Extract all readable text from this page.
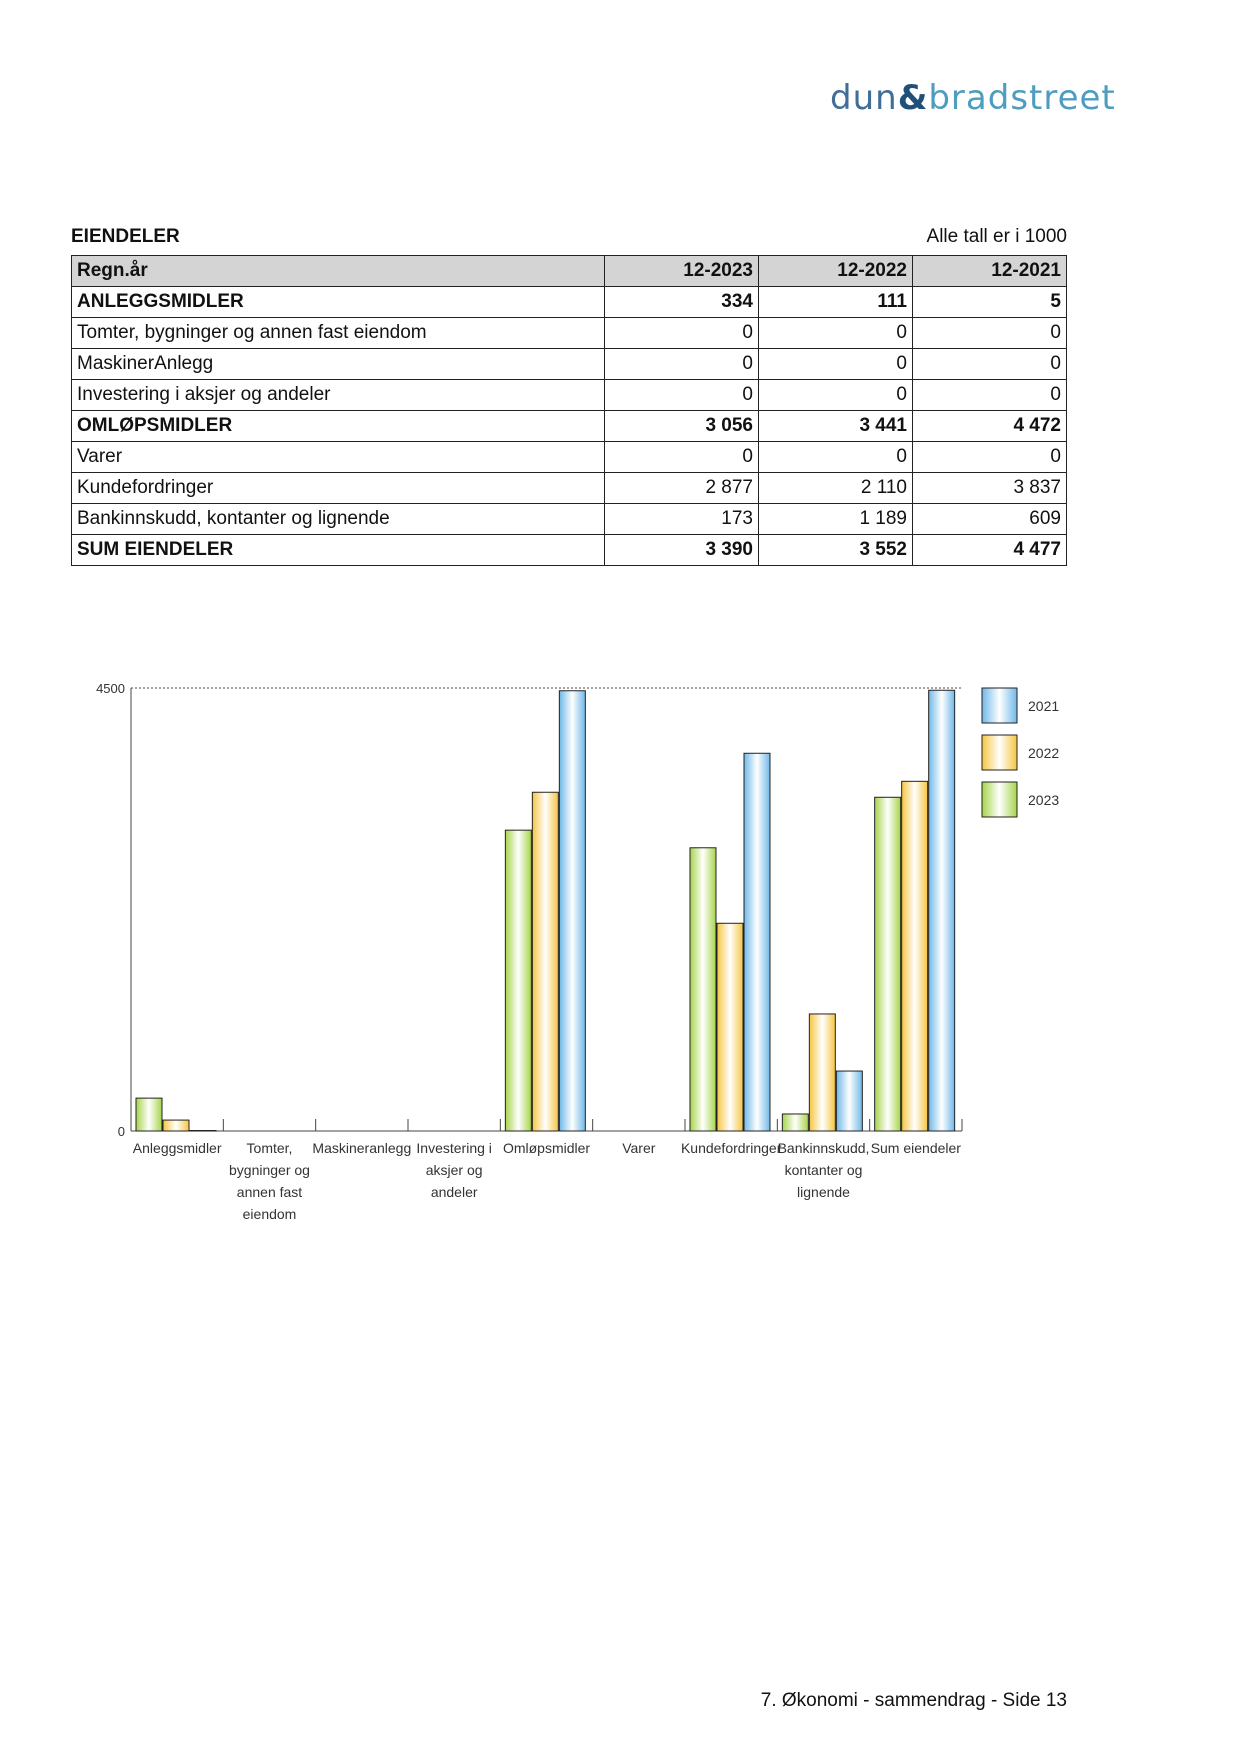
dun&bradstreet
EIENDELER	Alle tall er i 1000
Regn.år	12-2023	12-2022	12-2021
ANLEGGSMIDLER	334	111	5
Tomter, bygninger og annen fast eiendom	0	0	0
MaskinerAnlegg	0	0	0
Investering i aksjer og andeler	0	0	0
OMLØPSMIDLER	3 056	3 441	4 472
Varer	0	0	0
Kundefordringer	2 877	2 110	3 837
Bankinnskudd, kontanter og lignende	173	1 189	609
SUM EIENDELER	3 390	3 552	4 477
4500
0
Anleggsmidler Tomter,
bygninger og
annen fast
eiendom
Maskineranlegg Investering i
aksjer og
andeler
Omløpsmidler Varer Kundefordringer
Bankinnskudd,
kontanter og
lignende
Sum eiendeler
2021
2022
2023
7. Økonomi - sammendrag - Side 13
